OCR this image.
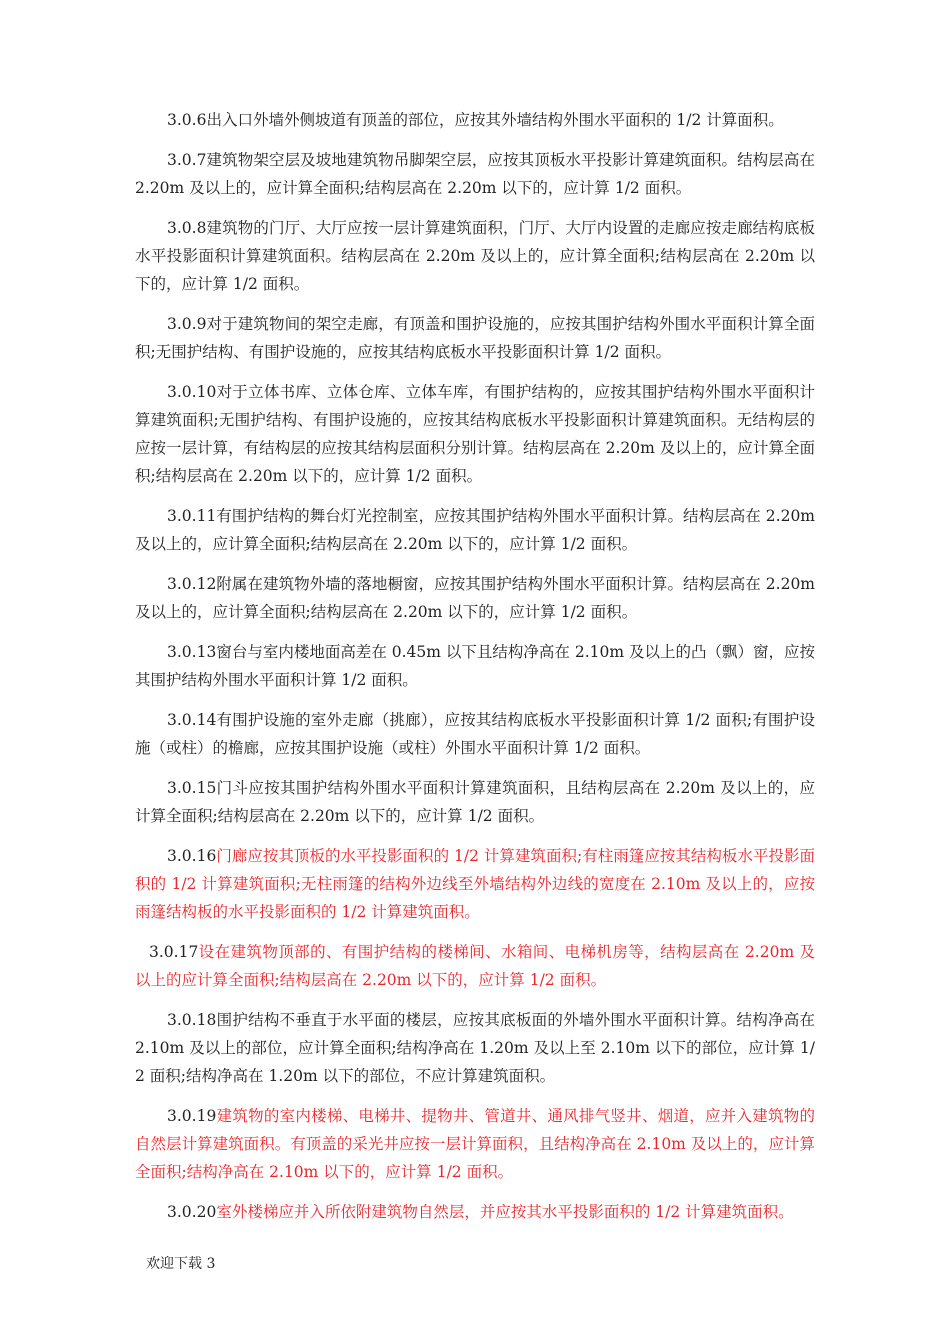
3.0.6出入口外墙外侧坡道有顶盖的部位，应按其外墙结构外围水平面积的 1/2 计算面积。

3.0.7建筑物架空层及坡地建筑物吊脚架空层，应按其顶板水平投影计算建筑面积。结构层高在 2.20m 及以上的，应计算全面积;结构层高在 2.20m 以下的，应计算 1/2 面积。

3.0.8建筑物的门厅、大厅应按一层计算建筑面积，门厅、大厅内设置的走廊应按走廊结构底板水平投影面积计算建筑面积。结构层高在 2.20m 及以上的，应计算全面积;结构层高在 2.20m 以下的，应计算 1/2 面积。

3.0.9对于建筑物间的架空走廊，有顶盖和围护设施的，应按其围护结构外围水平面积计算全面积;无围护结构、有围护设施的，应按其结构底板水平投影面积计算 1/2 面积。

3.0.10对于立体书库、立体仓库、立体车库，有围护结构的，应按其围护结构外围水平面积计算建筑面积;无围护结构、有围护设施的，应按其结构底板水平投影面积计算建筑面积。无结构层的应按一层计算，有结构层的应按其结构层面积分别计算。结构层高在 2.20m 及以上的，应计算全面积;结构层高在 2.20m 以下的，应计算 1/2 面积。

3.0.11有围护结构的舞台灯光控制室，应按其围护结构外围水平面积计算。结构层高在 2.20m 及以上的，应计算全面积;结构层高在 2.20m 以下的，应计算 1/2 面积。

3.0.12附属在建筑物外墙的落地橱窗，应按其围护结构外围水平面积计算。结构层高在 2.20m 及以上的，应计算全面积;结构层高在 2.20m 以下的，应计算 1/2 面积。

3.0.13窗台与室内楼地面高差在 0.45m 以下且结构净高在 2.10m 及以上的凸（飘）窗，应按其围护结构外围水平面积计算 1/2 面积。

3.0.14有围护设施的室外走廊（挑廊），应按其结构底板水平投影面积计算 1/2 面积;有围护设施（或柱）的檐廊，应按其围护设施（或柱）外围水平面积计算 1/2 面积。

3.0.15门斗应按其围护结构外围水平面积计算建筑面积，且结构层高在 2.20m 及以上的，应计算全面积;结构层高在 2.20m 以下的，应计算 1/2 面积。

3.0.16门廊应按其顶板的水平投影面积的 1/2 计算建筑面积;有柱雨篷应按其结构板水平投影面积的 1/2 计算建筑面积;无柱雨篷的结构外边线至外墙结构外边线的宽度在 2.10m 及以上的，应按雨篷结构板的水平投影面积的 1/2 计算建筑面积。

3.0.17设在建筑物顶部的、有围护结构的楼梯间、水箱间、电梯机房等，结构层高在 2.20m 及以上的应计算全面积;结构层高在 2.20m 以下的，应计算 1/2 面积。

3.0.18围护结构不垂直于水平面的楼层，应按其底板面的外墙外围水平面积计算。结构净高在 2.10m 及以上的部位，应计算全面积;结构净高在 1.20m 及以上至 2.10m 以下的部位，应计算 1/2 面积;结构净高在 1.20m 以下的部位，不应计算建筑面积。

3.0.19建筑物的室内楼梯、电梯井、提物井、管道井、通风排气竖井、烟道，应并入建筑物的自然层计算建筑面积。有顶盖的采光井应按一层计算面积，且结构净高在 2.10m 及以上的，应计算全面积;结构净高在 2.10m 以下的，应计算 1/2 面积。

3.0.20室外楼梯应并入所依附建筑物自然层，并应按其水平投影面积的 1/2 计算建筑面积。

欢迎下载 3
